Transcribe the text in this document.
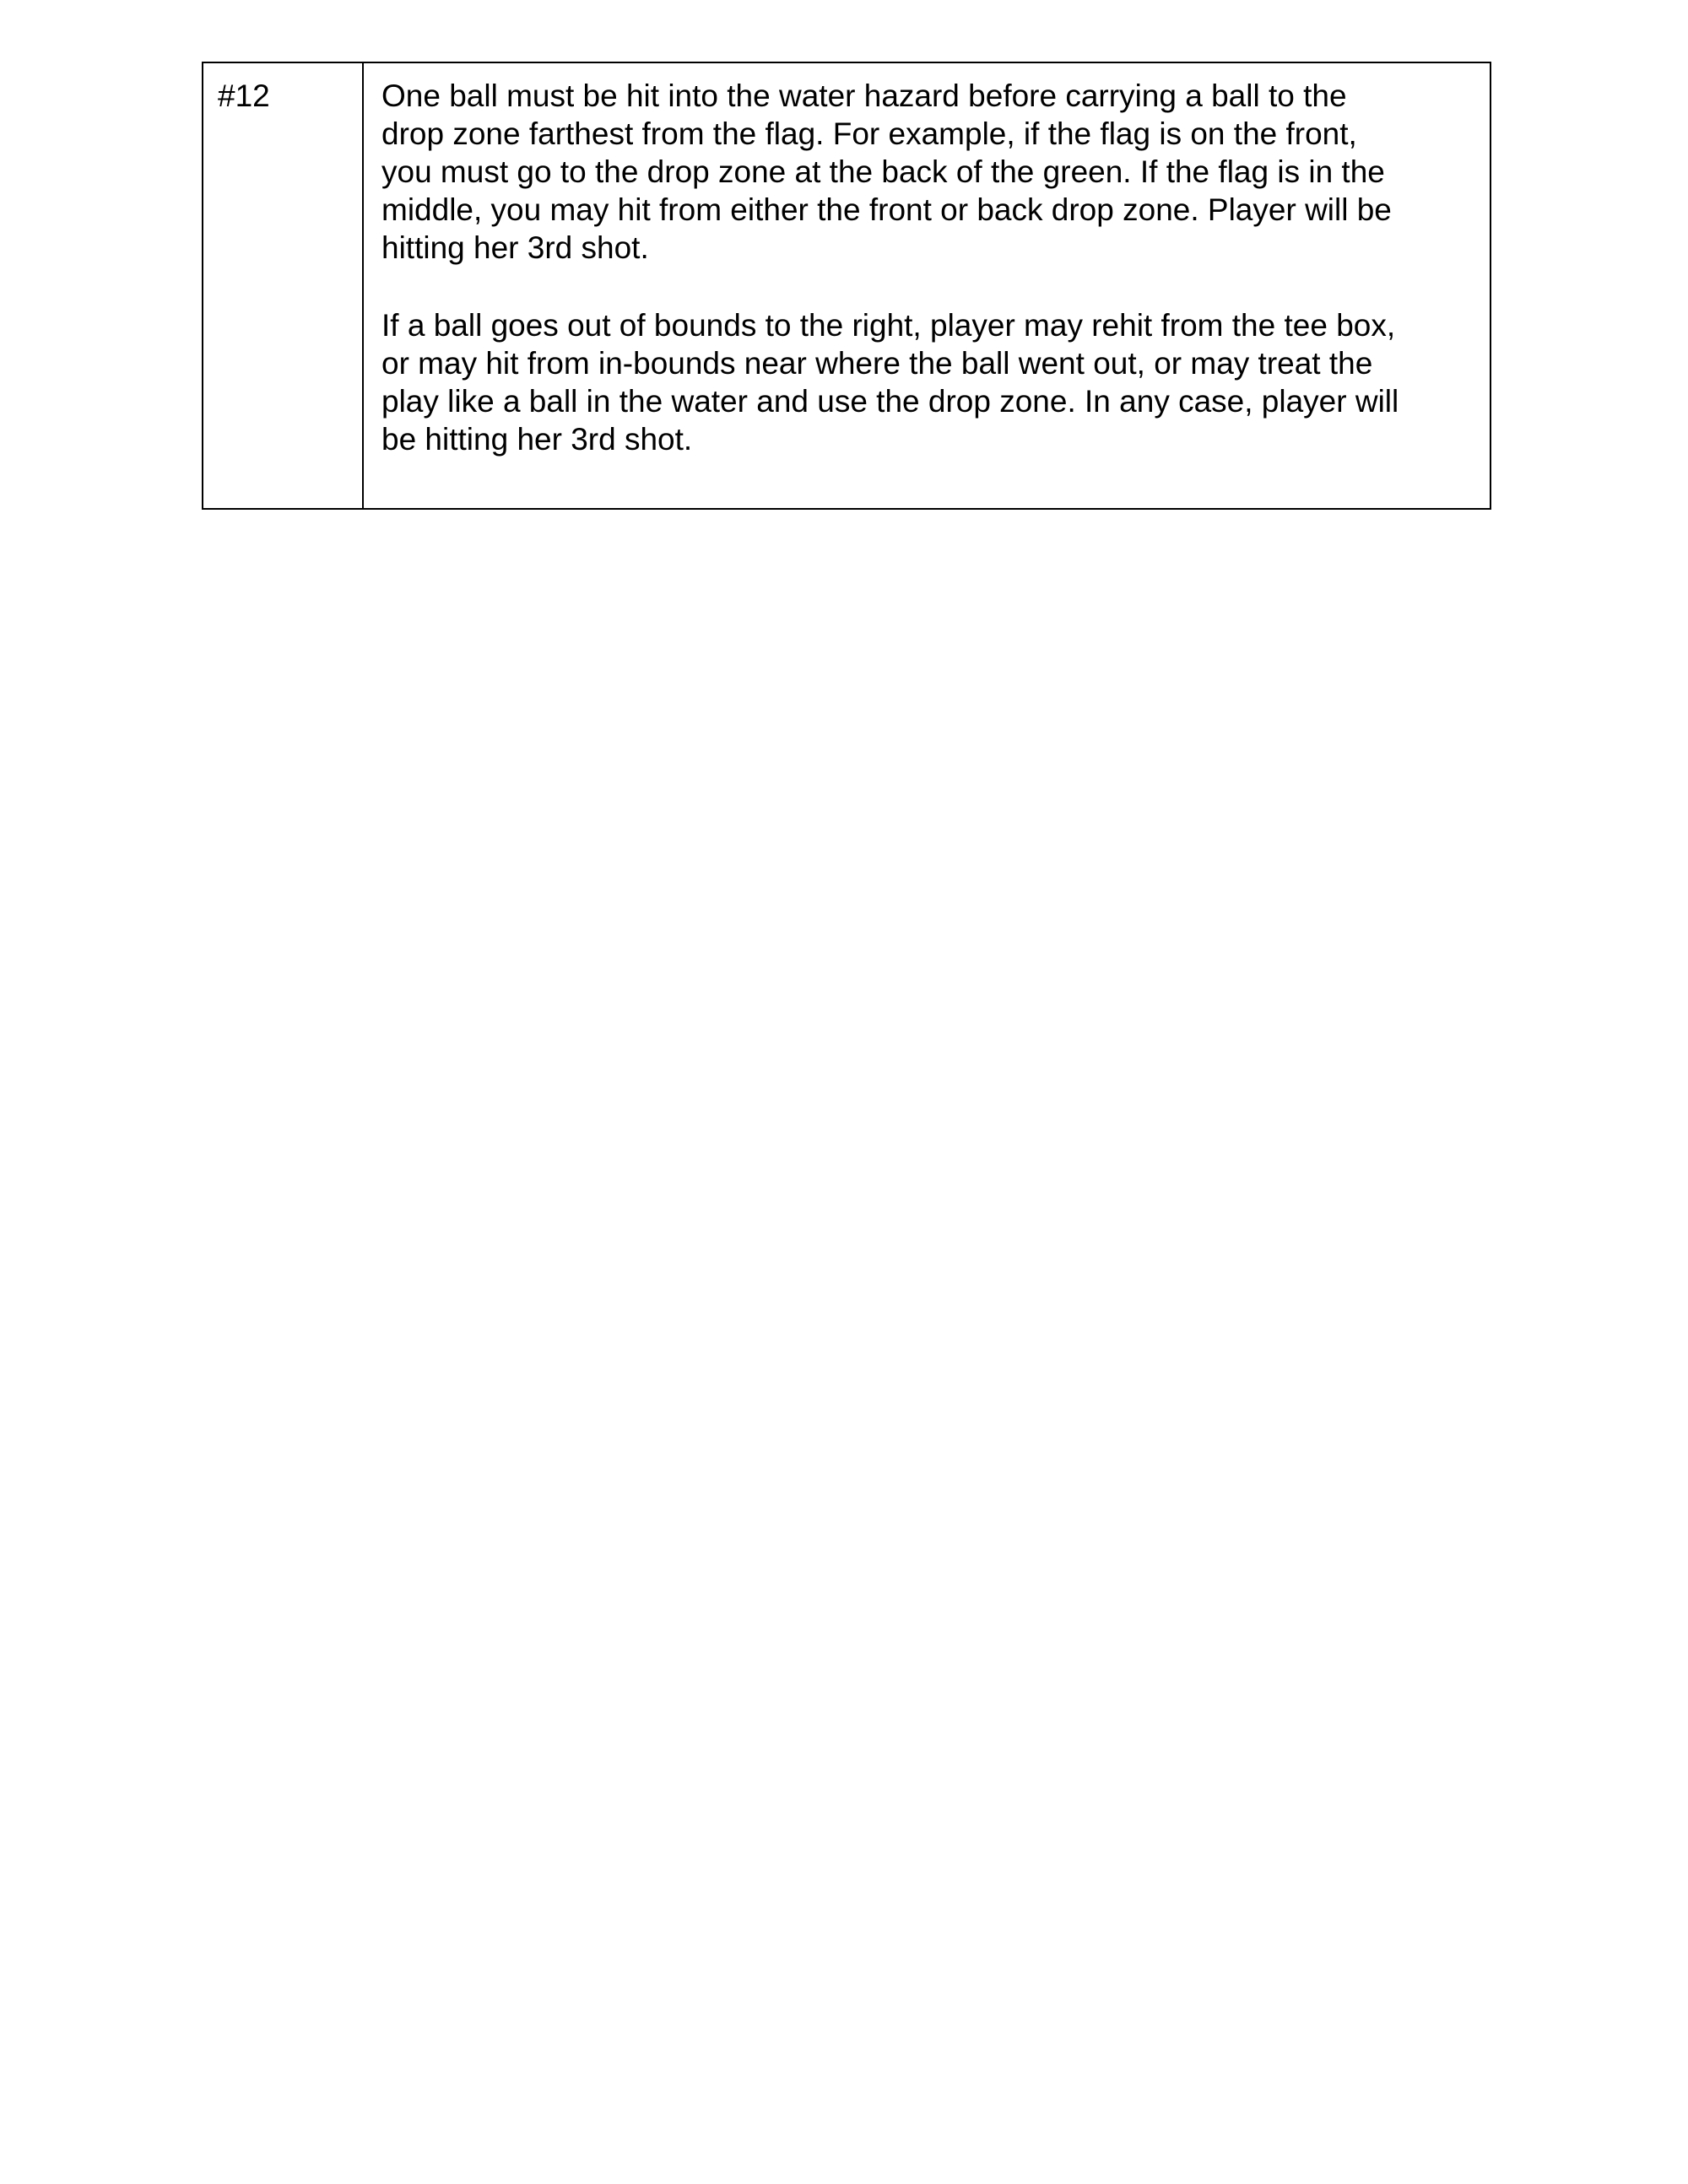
#12	One ball must be hit into the water hazard before carrying a ball to the
drop zone farthest from the flag. For example, if the flag is on the front,
you must go to the drop zone at the back of the green. If the flag is in the
middle, you may hit from either the front or back drop zone. Player will be
hitting her 3rd shot.

If a ball goes out of bounds to the right, player may rehit from the tee box,
or may hit from in-bounds near where the ball went out, or may treat the
play like a ball in the water and use the drop zone. In any case, player will
be hitting her 3rd shot.
